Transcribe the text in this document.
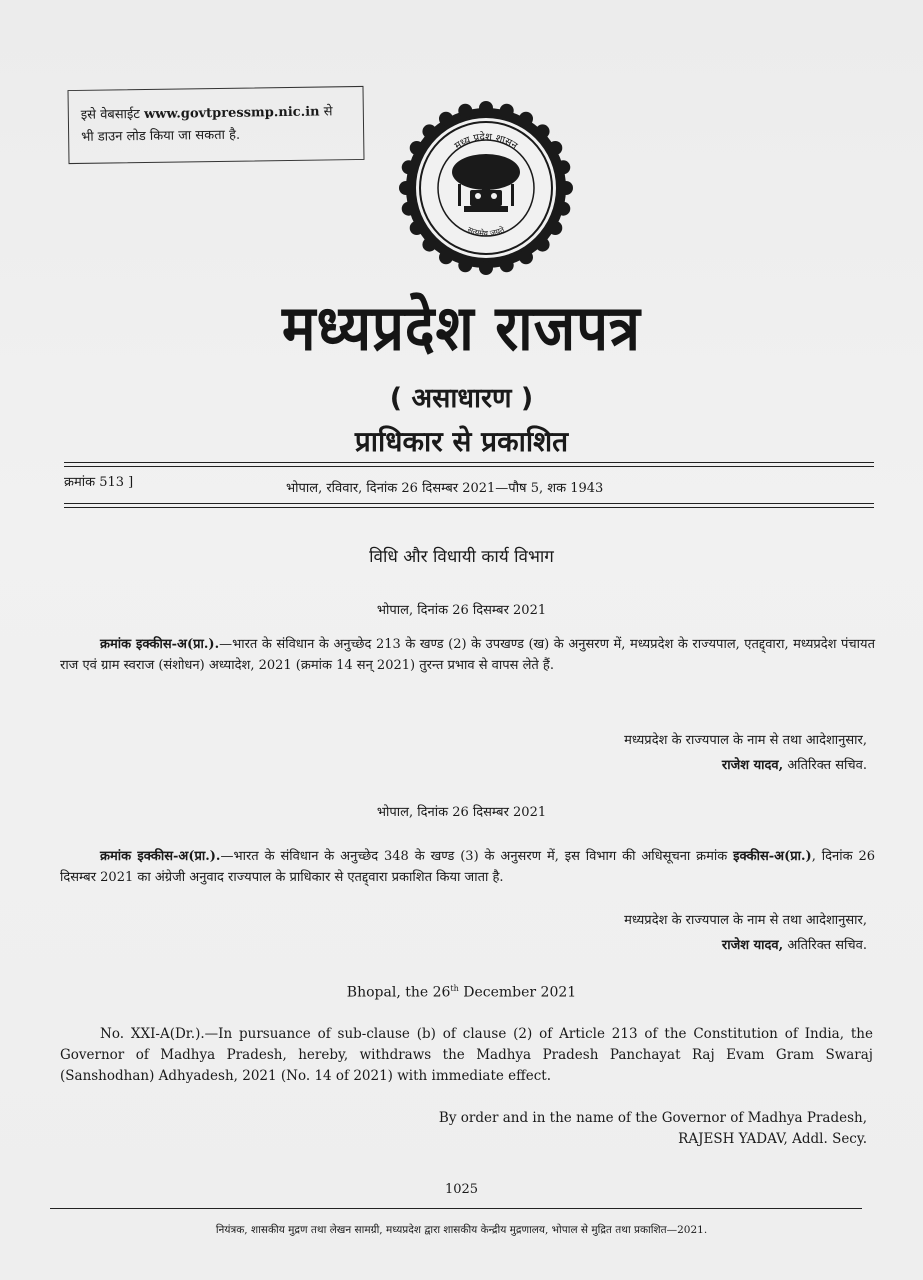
इसे वेबसाईट www.govtpressmp.nic.in से
भी डाउन लोड किया जा सकता है.
मध्य प्रदेश शासन
सत्यमेव जयते
मध्यप्रदेश राजपत्र
( असाधारण )
प्राधिकार से प्रकाशित
क्रमांक 513 ]	भोपाल, रविवार, दिनांक 26 दिसम्बर 2021—पौष 5, शक 1943
विधि और विधायी कार्य विभाग
भोपाल, दिनांक 26 दिसम्बर 2021
क्रमांक इक्कीस-अ(प्रा.).—भारत के संविधान के अनुच्छेद 213 के खण्ड (2) के उपखण्ड (ख) के अनुसरण में, मध्यप्रदेश के राज्यपाल, एतद्द्वारा, मध्यप्रदेश पंचायत राज एवं ग्राम स्वराज (संशोधन) अध्यादेश, 2021 (क्रमांक 14 सन् 2021) तुरन्त प्रभाव से वापस लेते हैं.
मध्यप्रदेश के राज्यपाल के नाम से तथा आदेशानुसार,
राजेश यादव, अतिरिक्त सचिव.
भोपाल, दिनांक 26 दिसम्बर 2021
क्रमांक इक्कीस-अ(प्रा.).—भारत के संविधान के अनुच्छेद 348 के खण्ड (3) के अनुसरण में, इस विभाग की अधिसूचना क्रमांक इक्कीस-अ(प्रा.), दिनांक 26 दिसम्बर 2021 का अंग्रेजी अनुवाद राज्यपाल के प्राधिकार से एतद्द्वारा प्रकाशित किया जाता है.
मध्यप्रदेश के राज्यपाल के नाम से तथा आदेशानुसार,
राजेश यादव, अतिरिक्त सचिव.
Bhopal, the 26th December 2021
No. XXI-A(Dr.).—In pursuance of sub-clause (b) of clause (2) of Article 213 of the Constitution of India, the Governor of Madhya Pradesh, hereby, withdraws the Madhya Pradesh Panchayat Raj Evam Gram Swaraj (Sanshodhan) Adhyadesh, 2021 (No. 14 of 2021) with immediate effect.
By order and in the name of the Governor of Madhya Pradesh,
RAJESH YADAV, Addl. Secy.
1025
नियंत्रक, शासकीय मुद्रण तथा लेखन सामग्री, मध्यप्रदेश द्वारा शासकीय केन्द्रीय मुद्रणालय, भोपाल से मुद्रित तथा प्रकाशित—2021.
